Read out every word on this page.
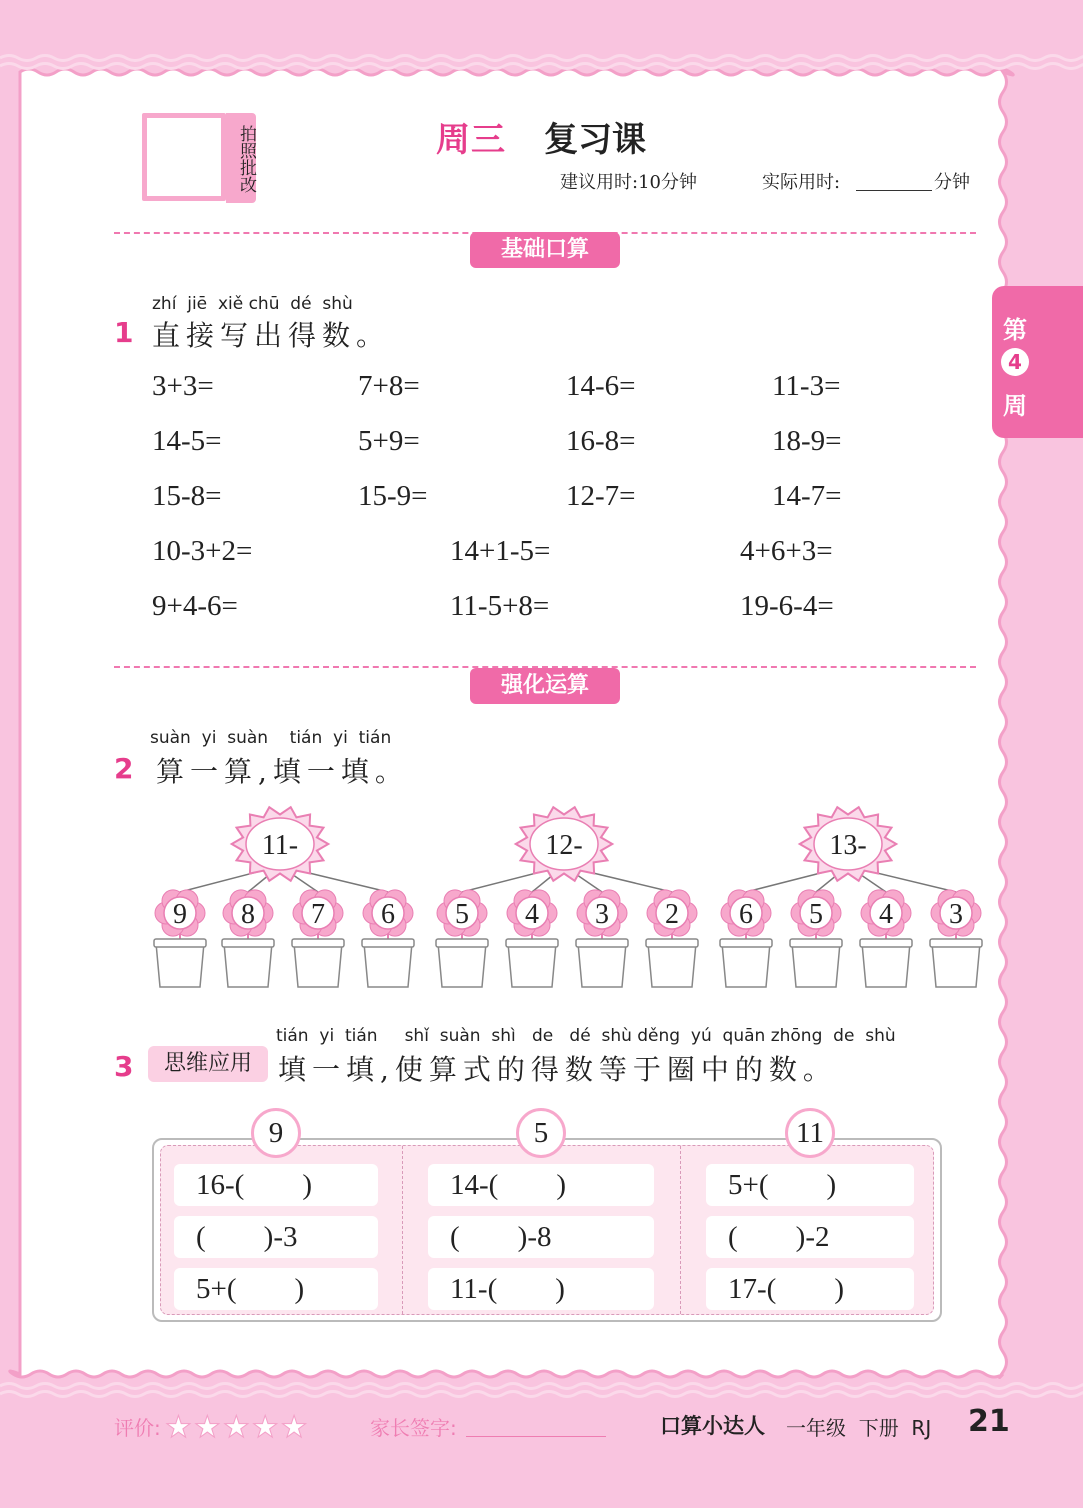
拍照批改	周三 复习课
建议用时:10分钟	实际用时:	分钟
第
4
周
基础口算
zhí  jiē  xiě chū  dé  shù
1 直接写出得数。
3+3=	7+8=	14-6=	11-3=
14-5=	5+9=	16-8=	18-9=
15-8=	15-9=	12-7=	14-7=
10-3+2=	14+1-5=	4+6+3=
9+4-6=	11-5+8=	19-6-4=
强化运算
suàn  yi  suàn    tián  yi  tián
2 算一算,填一填。
11-
9 8 7 6
12-
5 4 3 2
13-
6 5 4 3
tián  yi  tián     shǐ  suàn  shì   de   dé  shù děng  yú  quān zhōng  de  shù
3	思维应用 填一填,使算式的得数等于圈中的数。
9
16-(        )
(        )-3
5+(        )
5
14-(        )
(        )-8
11-(        )
11
5+(        )
(        )-2
17-(        )
评价: ★★★★★	家长签字:	口算小达人 一年级  下册  RJ 21
